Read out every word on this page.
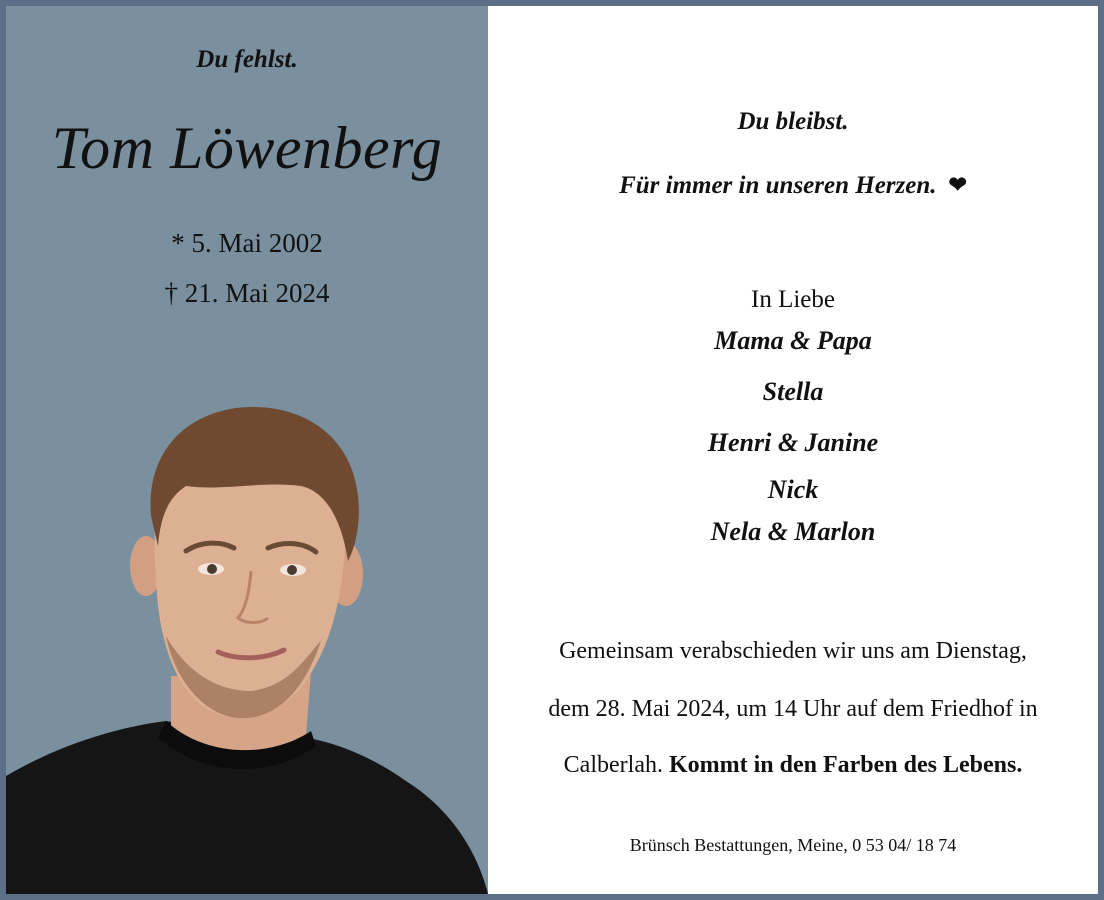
Du fehlst.
Tom Löwenberg
* 5. Mai 2002
† 21. Mai 2024
Du bleibst.
Für immer in unseren Herzen. ❤
In Liebe
Mama & Papa
Stella
Henri & Janine
Nick
Nela & Marlon
Gemeinsam verabschieden wir uns am Dienstag,
dem 28. Mai 2024, um 14 Uhr auf dem Friedhof in
Calberlah. Kommt in den Farben des Lebens.
Brünsch Bestattungen, Meine, 0 53 04/ 18 74
